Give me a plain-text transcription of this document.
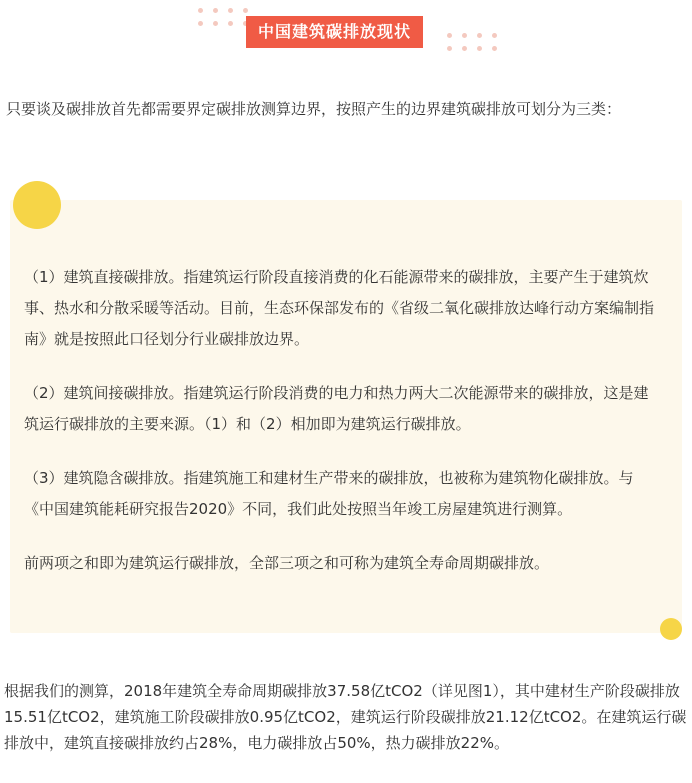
中国建筑碳排放现状

只要谈及碳排放首先都需要界定碳排放测算边界，按照产生的边界建筑碳排放可划分为三类：

（1）建筑直接碳排放。指建筑运行阶段直接消费的化石能源带来的碳排放，主要产生于建筑炊事、热水和分散采暖等活动。目前，生态环保部发布的《省级二氧化碳排放达峰行动方案编制指南》就是按照此口径划分行业碳排放边界。

（2）建筑间接碳排放。指建筑运行阶段消费的电力和热力两大二次能源带来的碳排放，这是建筑运行碳排放的主要来源。（1）和（2）相加即为建筑运行碳排放。

（3）建筑隐含碳排放。指建筑施工和建材生产带来的碳排放，也被称为建筑物化碳排放。与《中国建筑能耗研究报告2020》不同，我们此处按照当年竣工房屋建筑进行测算。

前两项之和即为建筑运行碳排放，全部三项之和可称为建筑全寿命周期碳排放。

根据我们的测算，2018年建筑全寿命周期碳排放37.58亿tCO2（详见图1），其中建材生产阶段碳排放15.51亿tCO2，建筑施工阶段碳排放0.95亿tCO2，建筑运行阶段碳排放21.12亿tCO2。在建筑运行碳排放中，建筑直接碳排放约占28%，电力碳排放占50%，热力碳排放22%。
